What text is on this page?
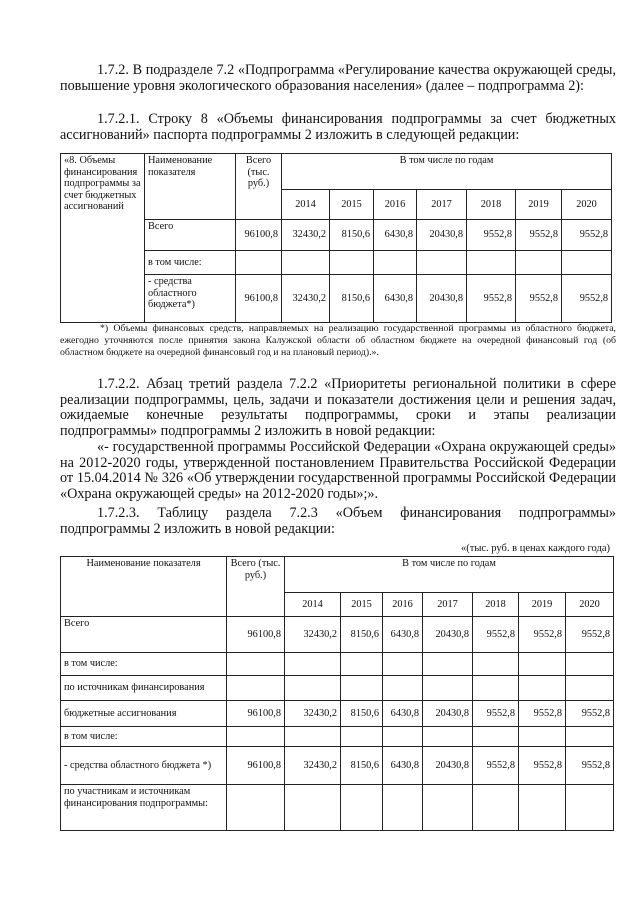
1.7.2. В подразделе 7.2 «Подпрограмма «Регулирование качества окружающей среды, повышение уровня экологического образования населения» (далее – подпрограмма 2):

1.7.2.1. Строку 8 «Объемы финансирования подпрограммы за счет бюджетных ассигнований» паспорта подпрограммы 2 изложить в следующей редакции:

«8. Объемы финансирования подпрограммы за счет бюджетных ассигнований	Наименование показателя	Всего (тыс. руб.)	В том числе по годам						
			2014	2015	2016	2017	2018	2019	2020
	Всего	96100,8	32430,2	8150,6	6430,8	20430,8	9552,8	9552,8	9552,8
	в том числе:								
	- средства областного бюджета*)	96100,8	32430,2	8150,6	6430,8	20430,8	9552,8	9552,8	9552,8

*) Объемы финансовых средств, направляемых на реализацию государственной программы из областного бюджета, ежегодно уточняются после принятия закона Калужской области об областном бюджете на очередной финансовый год (об областном бюджете на очередной финансовый год и на плановый период).».

1.7.2.2. Абзац третий раздела 7.2.2 «Приоритеты региональной политики в сфере реализации подпрограммы, цель, задачи и показатели достижения цели и решения задач, ожидаемые конечные результаты подпрограммы, сроки и этапы реализации подпрограммы» подпрограммы 2 изложить в новой редакции:

«- государственной программы Российской Федерации «Охрана окружающей среды» на 2012-2020 годы, утвержденной постановлением Правительства Российской Федерации от 15.04.2014 № 326 «Об утверждении государственной программы Российской Федерации «Охрана окружающей среды» на 2012-2020 годы»;».

1.7.2.3. Таблицу раздела 7.2.3 «Объем финансирования подпрограммы» подпрограммы 2 изложить в новой редакции:

«(тыс. руб. в ценах каждого года)
Наименование показателя	Всего (тыс. руб.)	В том числе по годам						
		2014	2015	2016	2017	2018	2019	2020
Всего	96100,8	32430,2	8150,6	6430,8	20430,8	9552,8	9552,8	9552,8
в том числе:								
по источникам финансирования								
бюджетные ассигнования	96100,8	32430,2	8150,6	6430,8	20430,8	9552,8	9552,8	9552,8
в том числе:								
- средства областного бюджета *)	96100,8	32430,2	8150,6	6430,8	20430,8	9552,8	9552,8	9552,8
по участникам и источникам финансирования подпрограммы:								
